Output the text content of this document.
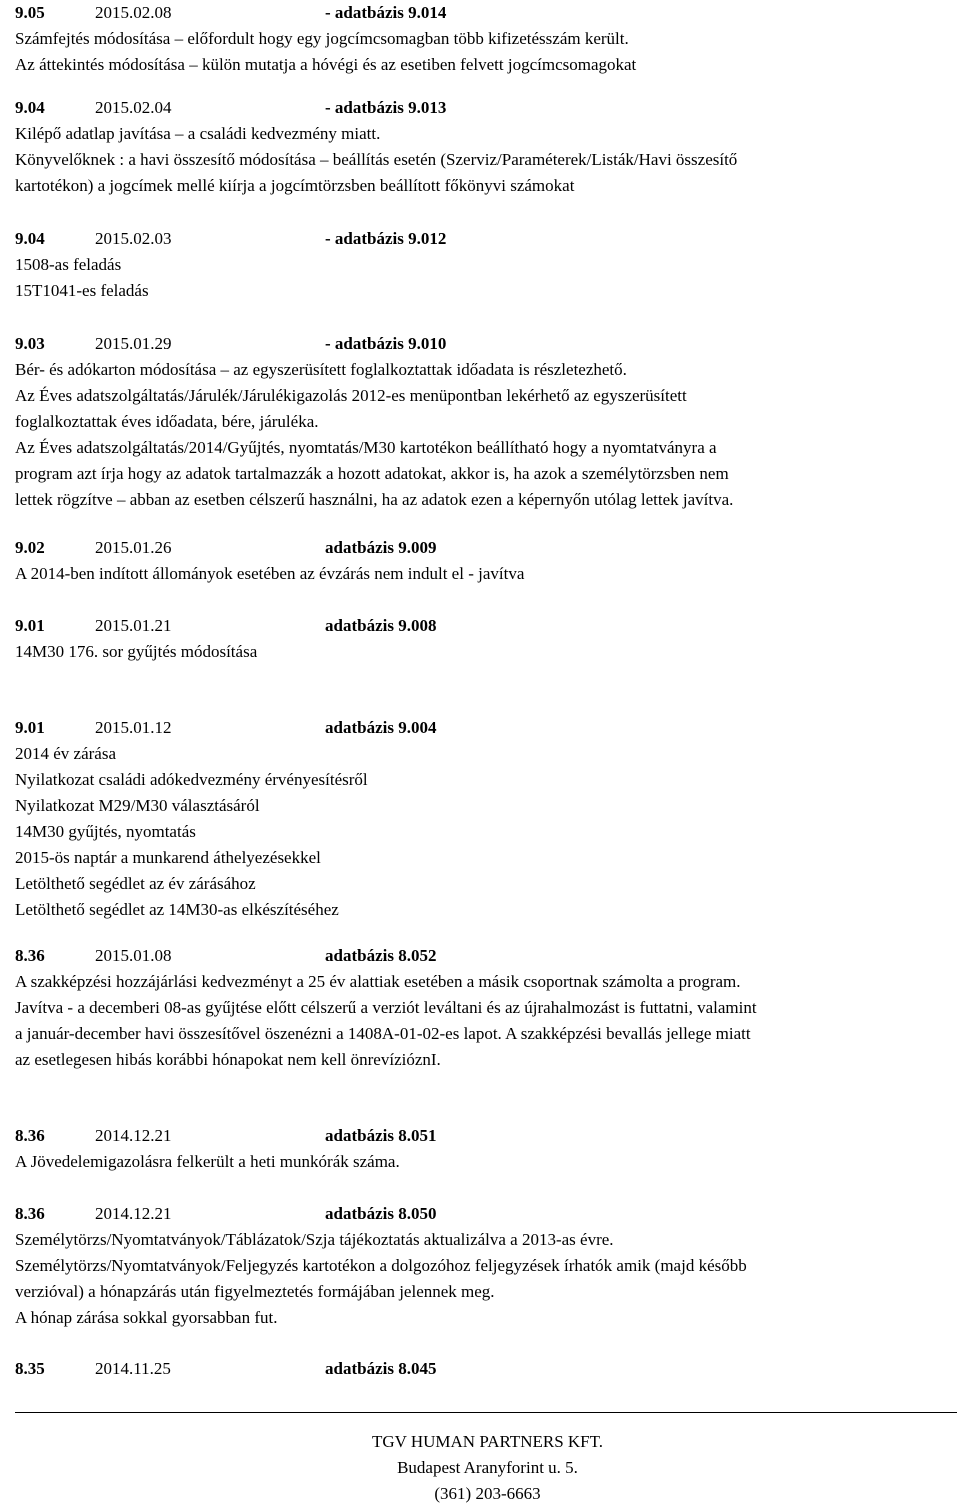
9.05	2015.02.08	- adatbázis 9.014
Számfejtés módosítása – előfordult hogy egy jogcímcsomagban több kifizetésszám került.
Az áttekintés módosítása – külön mutatja a hóvégi és az esetiben felvett jogcímcsomagokat
9.04	2015.02.04	- adatbázis 9.013
Kilépő adatlap javítása – a családi kedvezmény miatt.
Könyvelőknek : a havi összesítő módosítása – beállítás esetén (Szerviz/Paraméterek/Listák/Havi összesítő
kartotékon) a jogcímek mellé kiírja a jogcímtörzsben beállított főkönyvi számokat
9.04	2015.02.03	- adatbázis 9.012
1508-as feladás
15T1041-es feladás
9.03	2015.01.29	- adatbázis 9.010
Bér- és adókarton módosítása – az egyszerüsített foglalkoztattak időadata is részletezhető.
Az Éves adatszolgáltatás/Járulék/Járulékigazolás 2012-es menüpontban lekérhető az egyszerüsített
foglalkoztattak éves időadata, bére, járuléka.
Az Éves adatszolgáltatás/2014/Gyűjtés, nyomtatás/M30 kartotékon beállítható hogy a nyomtatványra a
program azt írja hogy az adatok tartalmazzák a hozott adatokat, akkor is, ha azok a személytörzsben nem
lettek rögzítve – abban az esetben célszerű használni, ha az adatok ezen a képernyőn utólag lettek javítva.
9.02	2015.01.26	adatbázis 9.009
A 2014-ben indított állományok esetében az évzárás nem indult el - javítva
9.01	2015.01.21	adatbázis 9.008
14M30 176. sor gyűjtés módosítása
9.01	2015.01.12	adatbázis 9.004
2014 év zárása
Nyilatkozat családi adókedvezmény érvényesítésről
Nyilatkozat M29/M30 választásáról
14M30 gyűjtés, nyomtatás
2015-ös naptár a munkarend áthelyezésekkel
Letölthető segédlet az év zárásához
Letölthető segédlet az 14M30-as elkészítéséhez
8.36	2015.01.08	adatbázis 8.052
A szakképzési hozzájárlási kedvezményt a 25 év alattiak esetében a másik csoportnak számolta a program.
Javítva - a decemberi 08-as gyűjtése előtt célszerű a verziót leváltani és az újrahalmozást is futtatni, valamint
a január-december havi összesítővel öszenézni a 1408A-01-02-es lapot. A szakképzési bevallás jellege miatt
az esetlegesen hibás korábbi hónapokat nem kell önrevízióznI.
8.36	2014.12.21	adatbázis 8.051
A Jövedelemigazolásra felkerült a heti munkórák száma.
8.36	2014.12.21	adatbázis 8.050
Személytörzs/Nyomtatványok/Táblázatok/Szja tájékoztatás aktualizálva a 2013-as évre.
Személytörzs/Nyomtatványok/Feljegyzés kartotékon a dolgozóhoz feljegyzések írhatók amik (majd később
verzióval) a hónapzárás után figyelmeztetés formájában jelennek meg.
A hónap zárása sokkal gyorsabban fut.
8.35	2014.11.25	adatbázis 8.045
TGV HUMAN PARTNERS KFT.
Budapest Aranyforint u. 5.
(361) 203-6663
